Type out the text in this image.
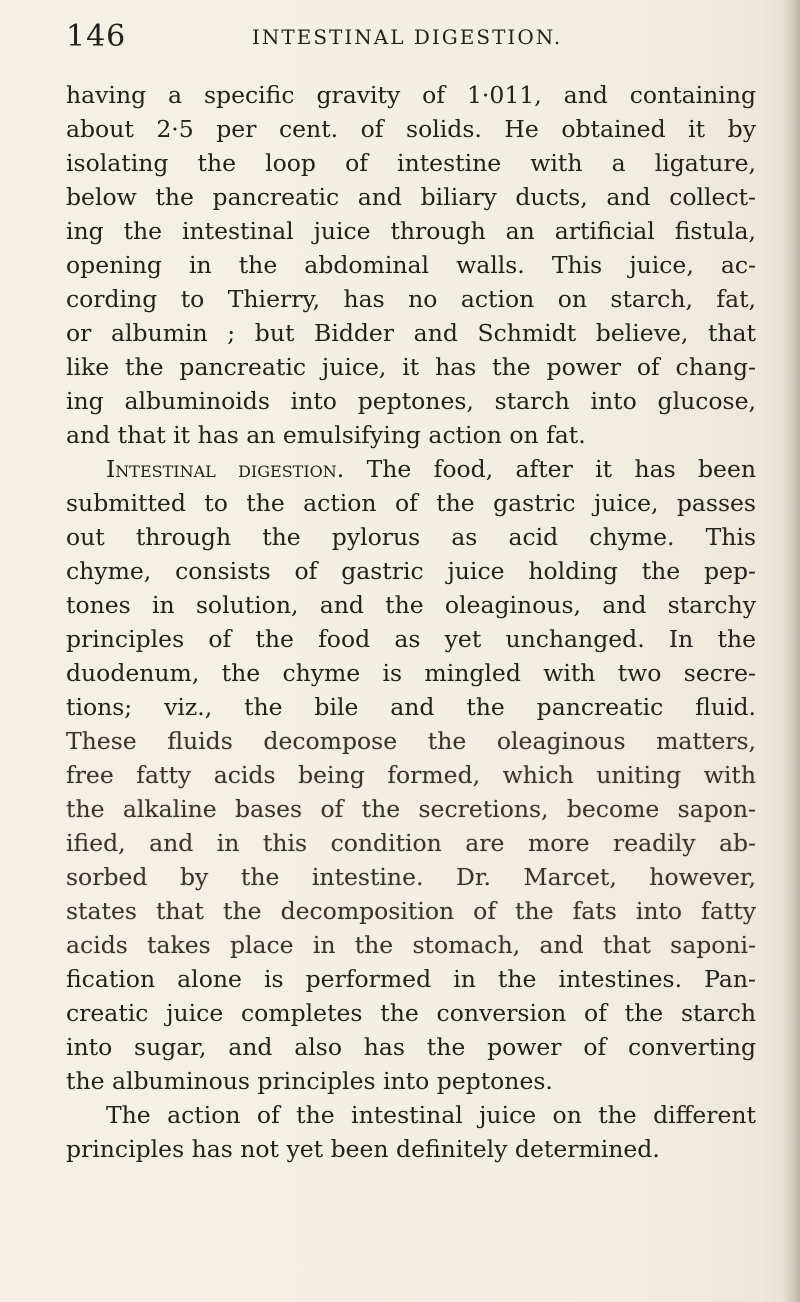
146	INTESTINAL DIGESTION.
having a specific gravity of 1·011, and containing
about 2·5 per cent. of solids. He obtained it by
isolating the loop of intestine with a ligature,
below the pancreatic and biliary ducts, and collect-
ing the intestinal juice through an artificial fistula,
opening in the abdominal walls. This juice, ac-
cording to Thierry, has no action on starch, fat,
or albumin ; but Bidder and Schmidt believe, that
like the pancreatic juice, it has the power of chang-
ing albuminoids into peptones, starch into glucose,
and that it has an emulsifying action on fat.
Intestinal digestion. The food, after it has been
submitted to the action of the gastric juice, passes
out through the pylorus as acid chyme. This
chyme, consists of gastric juice holding the pep-
tones in solution, and the oleaginous, and starchy
principles of the food as yet unchanged. In the
duodenum, the chyme is mingled with two secre-
tions; viz., the bile and the pancreatic fluid.
These fluids decompose the oleaginous matters,
free fatty acids being formed, which uniting with
the alkaline bases of the secretions, become sapon-
ified, and in this condition are more readily ab-
sorbed by the intestine. Dr. Marcet, however,
states that the decomposition of the fats into fatty
acids takes place in the stomach, and that saponi-
fication alone is performed in the intestines. Pan-
creatic juice completes the conversion of the starch
into sugar, and also has the power of converting
the albuminous principles into peptones.
The action of the intestinal juice on the different
principles has not yet been definitely determined.
